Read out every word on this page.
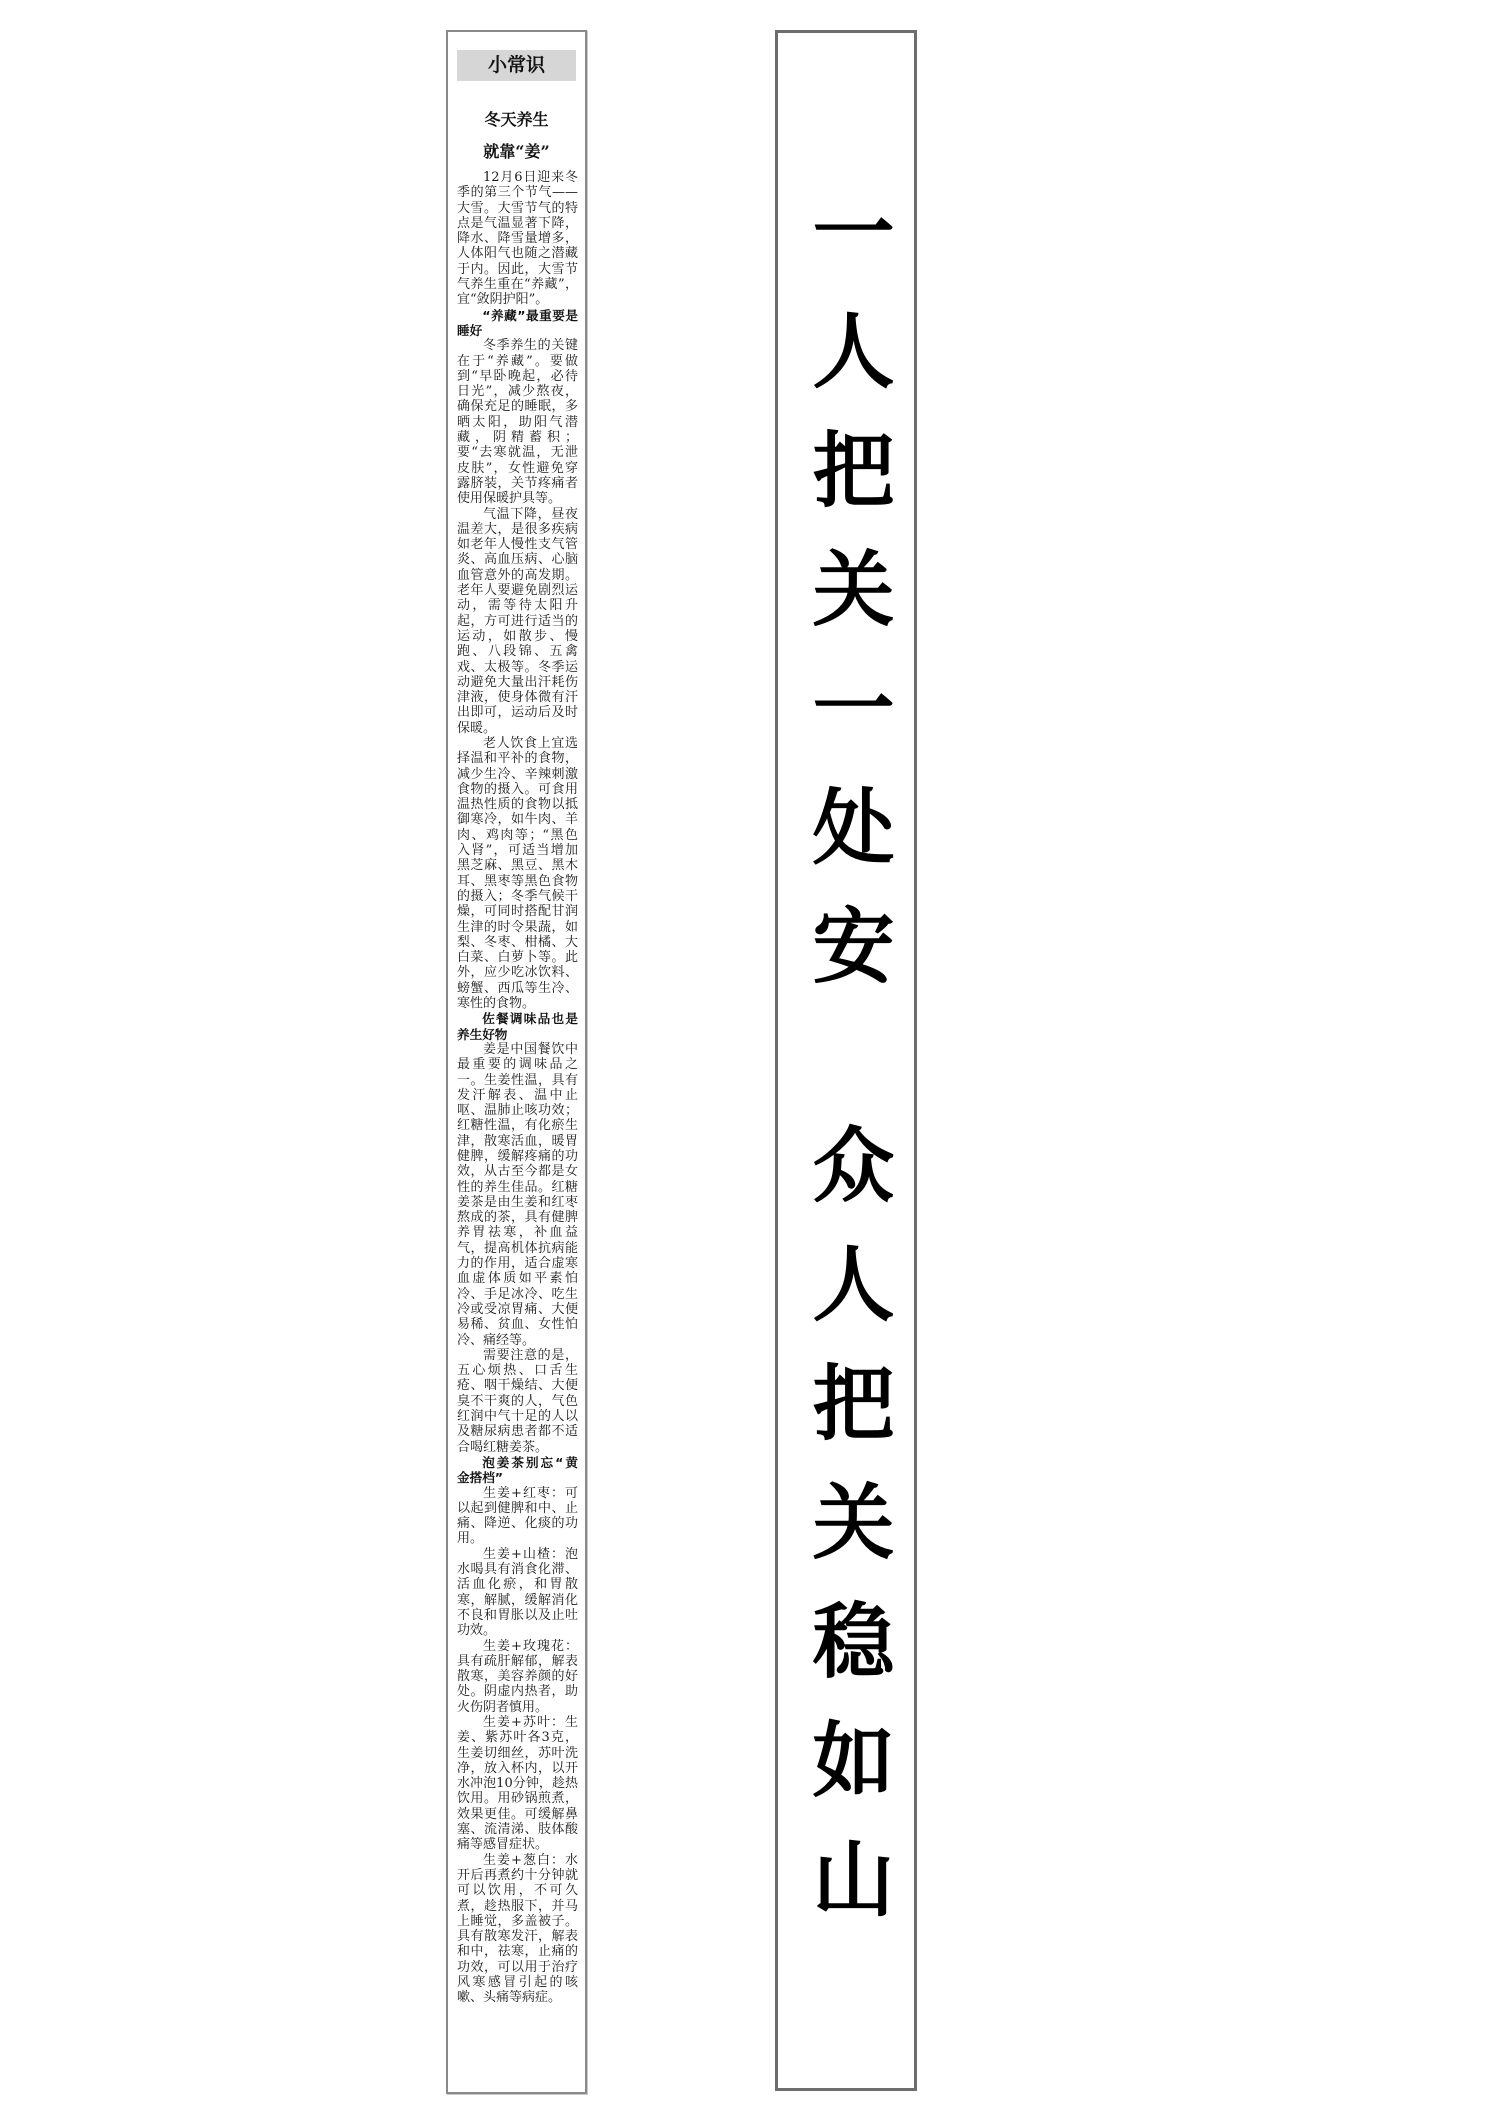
小常识
冬天养生
就靠“姜”

12月6日迎来冬季的第三个节气——大雪。大雪节气的特点是气温显著下降，降水、降雪量增多，人体阳气也随之潜藏于内。因此，大雪节气养生重在“养藏”，宜“敛阴护阳”。

“养藏”最重要是睡好

冬季养生的关键在于“养藏”。要做到“早卧晚起，必待日光”，减少熬夜，确保充足的睡眠，多晒太阳，助阳气潜藏，阴精蓄积；要“去寒就温，无泄皮肤”，女性避免穿露脐装，关节疼痛者使用保暖护具等。

气温下降，昼夜温差大，是很多疾病如老年人慢性支气管炎、高血压病、心脑血管意外的高发期。老年人要避免剧烈运动，需等待太阳升起，方可进行适当的运动，如散步、慢跑、八段锦、五禽戏、太极等。冬季运动避免大量出汗耗伤津液，使身体微有汗出即可，运动后及时保暖。

老人饮食上宜选择温和平补的食物，减少生冷、辛辣刺激食物的摄入。可食用温热性质的食物以抵御寒冷，如牛肉、羊肉、鸡肉等；“黑色入肾”，可适当增加黑芝麻、黑豆、黑木耳、黑枣等黑色食物的摄入；冬季气候干燥，可同时搭配甘润生津的时令果蔬，如梨、冬枣、柑橘、大白菜、白萝卜等。此外，应少吃冰饮料、螃蟹、西瓜等生冷、寒性的食物。

佐餐调味品也是养生好物

姜是中国餐饮中最重要的调味品之一。生姜性温，具有发汗解表、温中止呕、温肺止咳功效；红糖性温，有化瘀生津，散寒活血，暖胃健脾，缓解疼痛的功效，从古至今都是女性的养生佳品。红糖姜茶是由生姜和红枣熬成的茶，具有健脾养胃祛寒，补血益气，提高机体抗病能力的作用，适合虚寒血虚体质如平素怕冷、手足冰冷、吃生冷或受凉胃痛、大便易稀、贫血、女性怕冷、痛经等。

需要注意的是，五心烦热、口舌生疮、咽干燥结、大便臭不干爽的人，气色红润中气十足的人以及糖尿病患者都不适合喝红糖姜茶。

泡姜茶别忘“黄金搭档”

生姜+红枣：可以起到健脾和中、止痛、降逆、化痰的功用。

生姜+山楂：泡水喝具有消食化滞、活血化瘀，和胃散寒，解腻，缓解消化不良和胃胀以及止吐功效。

生姜+玫瑰花：具有疏肝解郁，解表散寒，美容养颜的好处。阴虚内热者，助火伤阴者慎用。

生姜+苏叶：生姜、紫苏叶各3克，生姜切细丝，苏叶洗净，放入杯内，以开水冲泡10分钟，趁热饮用。用砂锅煎煮，效果更佳。可缓解鼻塞、流清涕、肢体酸痛等感冒症状。

生姜+葱白：水开后再煮约十分钟就可以饮用，不可久煮，趁热服下，并马上睡觉，多盖被子。具有散寒发汗，解表和中，祛寒，止痛的功效，可以用于治疗风寒感冒引起的咳嗽、头痛等病症。

一人把关一处安
众人把关稳如山
